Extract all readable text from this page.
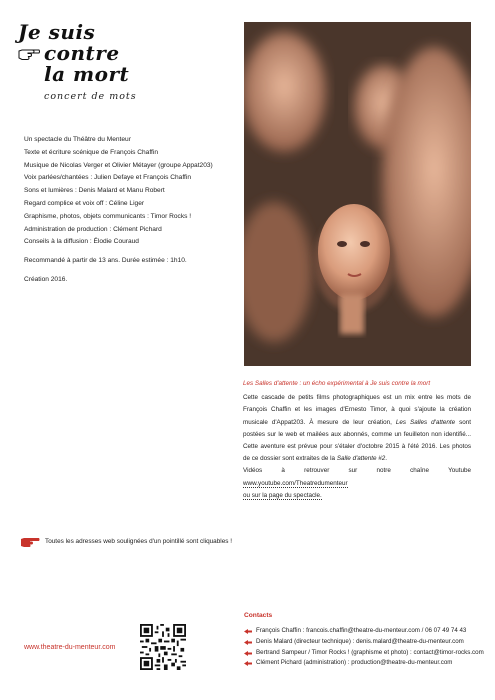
Je suis
contre
la mort
concert de mots
Un spectacle du Théâtre du Menteur
Texte et écriture scénique de François Chaffin
Musique de Nicolas Verger et Olivier Métayer (groupe Appat203)
Voix parlées/chantées : Julien Defaye et François Chaffin
Sons et lumières : Denis Malard et Manu Robert
Regard complice et voix off : Céline Liger
Graphisme, photos, objets communicants : Timor Rocks !
Administration de production : Clément Pichard
Conseils à la diffusion : Élodie Couraud
Recommandé à partir de 13 ans. Durée estimée : 1h10.
Création 2016.
Les Salles d'attente : un écho expérimental à Je suis contre la mort

Cette cascade de petits films photographiques est un mix entre les mots de François Chaffin et les images d'Ernesto Timor, à quoi s'ajoute la création musicale d'Appat203. À mesure de leur création, Les Salles d'attente sont postées sur le web et mailées aux abonnés, comme un feuilleton non identifié... Cette aventure est prévue pour s'étaler d'octobre 2015 à l'été 2016. Les photos de ce dossier sont extraites de la Salle d'attente #2.

Vidéos à retrouver sur notre chaîne Youtube www.youtube.com/Theatredumenteur
ou sur la page du spectacle.

Toutes les adresses web soulignées d'un pointillé sont cliquables !
www.theatre-du-menteur.com
Contacts
François Chaffin : francois.chaffin@theatre-du-menteur.com / 06 07 49 74 43
Denis Malard (directeur technique) : denis.malard@theatre-du-menteur.com
Bertrand Sampeur / Timor Rocks ! (graphisme et photo) : contact@timor-rocks.com
Clément Pichard (administration) : production@theatre-du-menteur.com
